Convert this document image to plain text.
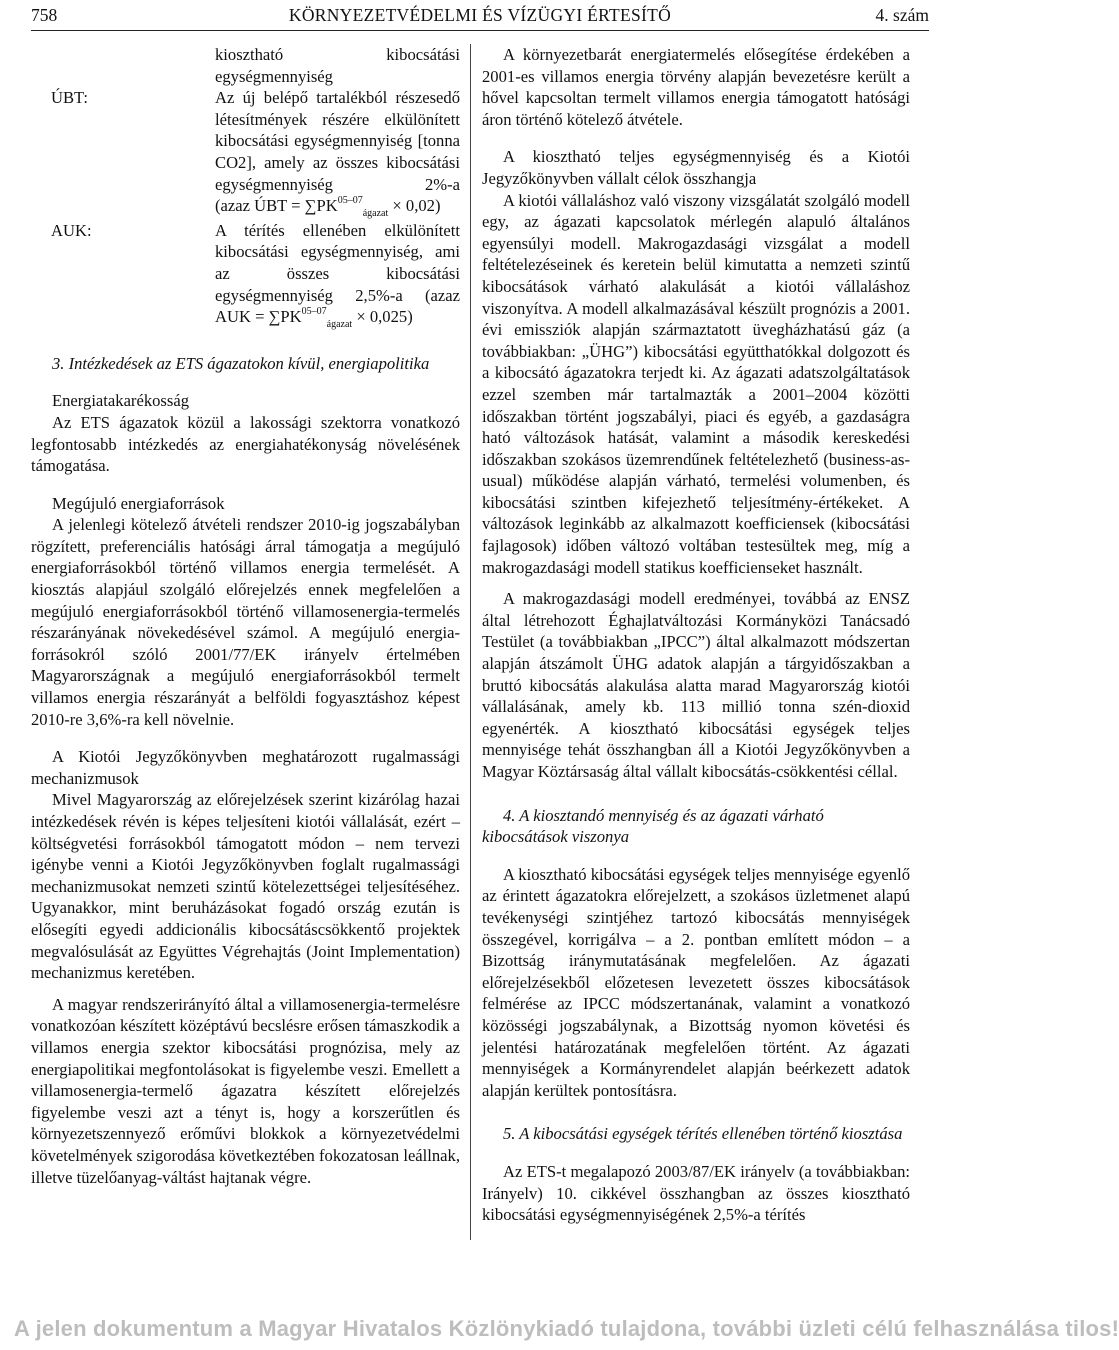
758	KÖRNYEZETVÉDELMI ÉS VÍZÜGYI ÉRTESÍTŐ	4. szám

kiosztható kibocsátási egységmennyiség

ÚBT:	Az új belépő tartalékból részesedő létesítmények részére elkülönített kibocsátási egységmennyiség [tonna CO2], amely az összes kibocsátási egységmennyiség 2%-a (azaz ÚBT = $\sum PK^{05-07}_{ágazat} \times 0,02$)

AUK:	A térítés ellenében elkülönített kibocsátási egységmennyiség, ami az összes kibocsátási egységmennyiség 2,5%-a (azaz AUK = $\sum PK^{05-07}_{ágazat} \times 0,025$)

3. Intézkedések az ETS ágazatokon kívül, energiapolitika

Energiatakarékosság

Az ETS ágazatok közül a lakossági szektorra vonatkozó legfontosabb intézkedés az energiahatékonyság növelésének támogatása.

Megújuló energiaforrások

A jelenlegi kötelező átvételi rendszer 2010-ig jogszabályban rögzített, preferenciális hatósági árral támogatja a megújuló energiaforrásokból történő villamos energia termelését. A kiosztás alapjául szolgáló előrejelzés ennek megfelelően a megújuló energiaforrásokból történő villamosenergia-termelés részarányának növekedésével számol. A megújuló energia-forrásokról szóló 2001/77/EK irányelv értelmében Magyarországnak a megújuló energiaforrásokból termelt villamos energia részarányát a belföldi fogyasztáshoz képest 2010-re 3,6%-ra kell növelnie.

A Kiotói Jegyzőkönyvben meghatározott rugalmassági mechanizmusok

Mivel Magyarország az előrejelzések szerint kizárólag hazai intézkedések révén is képes teljesíteni kiotói vállalását, ezért – költségvetési forrásokból támogatott módon – nem tervezi igénybe venni a Kiotói Jegyzőkönyvben foglalt rugalmassági mechanizmusokat nemzeti szintű kötelezettségei teljesítéséhez. Ugyanakkor, mint beruházásokat fogadó ország ezután is elősegíti egyedi addicionális kibocsátáscsökkentő projektek megvalósulását az Együttes Végrehajtás (Joint Implementation) mechanizmus keretében.

A magyar rendszerirányító által a villamosenergia-termelésre vonatkozóan készített középtávú becslésre erősen támaszkodik a villamos energia szektor kibocsátási prognózisa, mely az energiapolitikai megfontolásokat is figyelembe veszi. Emellett a villamosenergia-termelő ágazatra készített előrejelzés figyelembe veszi azt a tényt is, hogy a korszerűtlen és környezetszennyező erőművi blokkok a környezetvédelmi követelmények szigorodása következtében fokozatosan leállnak, illetve tüzelőanyag-váltást hajtanak végre.

A környezetbarát energiatermelés elősegítése érdekében a 2001-es villamos energia törvény alapján bevezetésre került a hővel kapcsoltan termelt villamos energia támogatott hatósági áron történő kötelező átvétele.

A kiosztható teljes egységmennyiség és a Kiotói Jegyzőkönyvben vállalt célok összhangja

A kiotói vállaláshoz való viszony vizsgálatát szolgáló modell egy, az ágazati kapcsolatok mérlegén alapuló általános egyensúlyi modell. Makrogazdasági vizsgálat a modell feltételezéseinek és keretein belül kimutatta a nemzeti szintű kibocsátások várható alakulását a kiotói vállaláshoz viszonyítva. A modell alkalmazásával készült prognózis a 2001. évi emissziók alapján származtatott üvegházhatású gáz (a továbbiakban: „ÜHG”) kibocsátási együtthatókkal dolgozott és a kibocsátó ágazatokra terjedt ki. Az ágazati adatszolgáltatások ezzel szemben már tartalmazták a 2001–2004 közötti időszakban történt jogszabályi, piaci és egyéb, a gazdaságra ható változások hatását, valamint a második kereskedési időszakban szokásos üzemrendűnek feltételezhető (business-as-usual) működése alapján várható, termelési volumenben, és kibocsátási szintben kifejezhető teljesítmény-értékeket. A változások leginkább az alkalmazott koefficiensek (kibocsátási fajlagosok) időben változó voltában testesültek meg, míg a makrogazdasági modell statikus koefficienseket használt.

A makrogazdasági modell eredményei, továbbá az ENSZ által létrehozott Éghajlatváltozási Kormányközi Tanácsadó Testület (a továbbiakban „IPCC”) által alkalmazott módszertan alapján átszámolt ÜHG adatok alapján a tárgyidőszakban a bruttó kibocsátás alakulása alatta marad Magyarország kiotói vállalásának, amely kb. 113 millió tonna szén-dioxid egyenérték. A kiosztható kibocsátási egységek teljes mennyisége tehát összhangban áll a Kiotói Jegyzőkönyvben a Magyar Köztársaság által vállalt kibocsátás-csökkentési céllal.

4. A kiosztandó mennyiség és az ágazati várható kibocsátások viszonya

A kiosztható kibocsátási egységek teljes mennyisége egyenlő az érintett ágazatokra előrejelzett, a szokásos üzletmenet alapú tevékenységi szintjéhez tartozó kibocsátás mennyiségek összegével, korrigálva – a 2. pontban említett módon – a Bizottság iránymutatásának megfelelően. Az ágazati előrejelzésekből előzetesen levezetett összes kibocsátások felmérése az IPCC módszertanának, valamint a vonatkozó közösségi jogszabálynak, a Bizottság nyomon követési és jelentési határozatának megfelelően történt. Az ágazati mennyiségek a Kormányrendelet alapján beérkezett adatok alapján kerültek pontosításra.

5. A kibocsátási egységek térítés ellenében történő kiosztása

Az ETS-t megalapozó 2003/87/EK irányelv (a továbbiakban: Irányelv) 10. cikkével összhangban az összes kiosztható kibocsátási egységmennyiségének 2,5%-a térítés

A jelen dokumentum a Magyar Hivatalos Közlönykiadó tulajdona, további üzleti célú felhasználása tilos!
